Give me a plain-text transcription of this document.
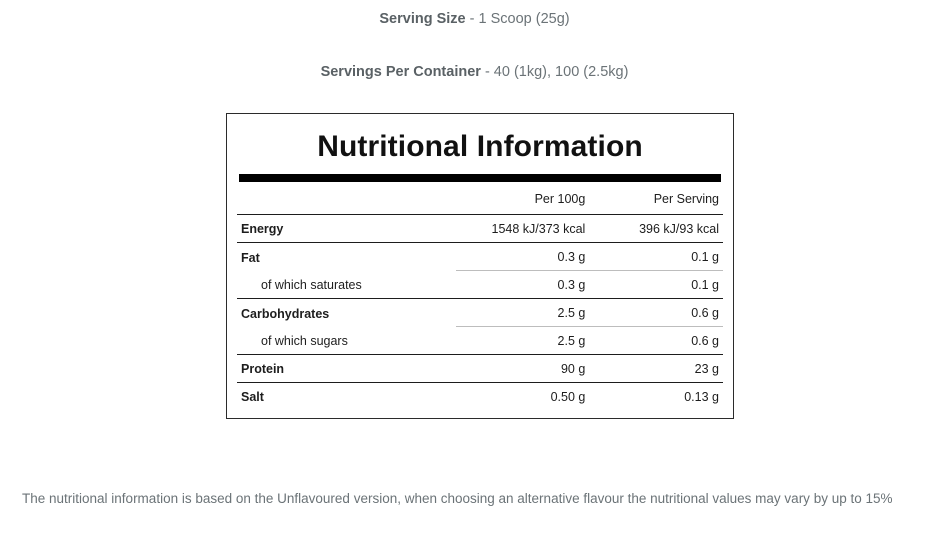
Serving Size - 1 Scoop (25g)
Servings Per Container - 40 (1kg), 100 (2.5kg)
Nutritional Information
	Per 100g	Per Serving
Energy	1548 kJ/373 kcal	396 kJ/93 kcal
Fat	0.3 g	0.1 g
of which saturates	0.3 g	0.1 g
Carbohydrates	2.5 g	0.6 g
of which sugars	2.5 g	0.6 g
Protein	90 g	23 g
Salt	0.50 g	0.13 g
The nutritional information is based on the Unflavoured version, when choosing an alternative flavour the nutritional values may vary by up to 15%
